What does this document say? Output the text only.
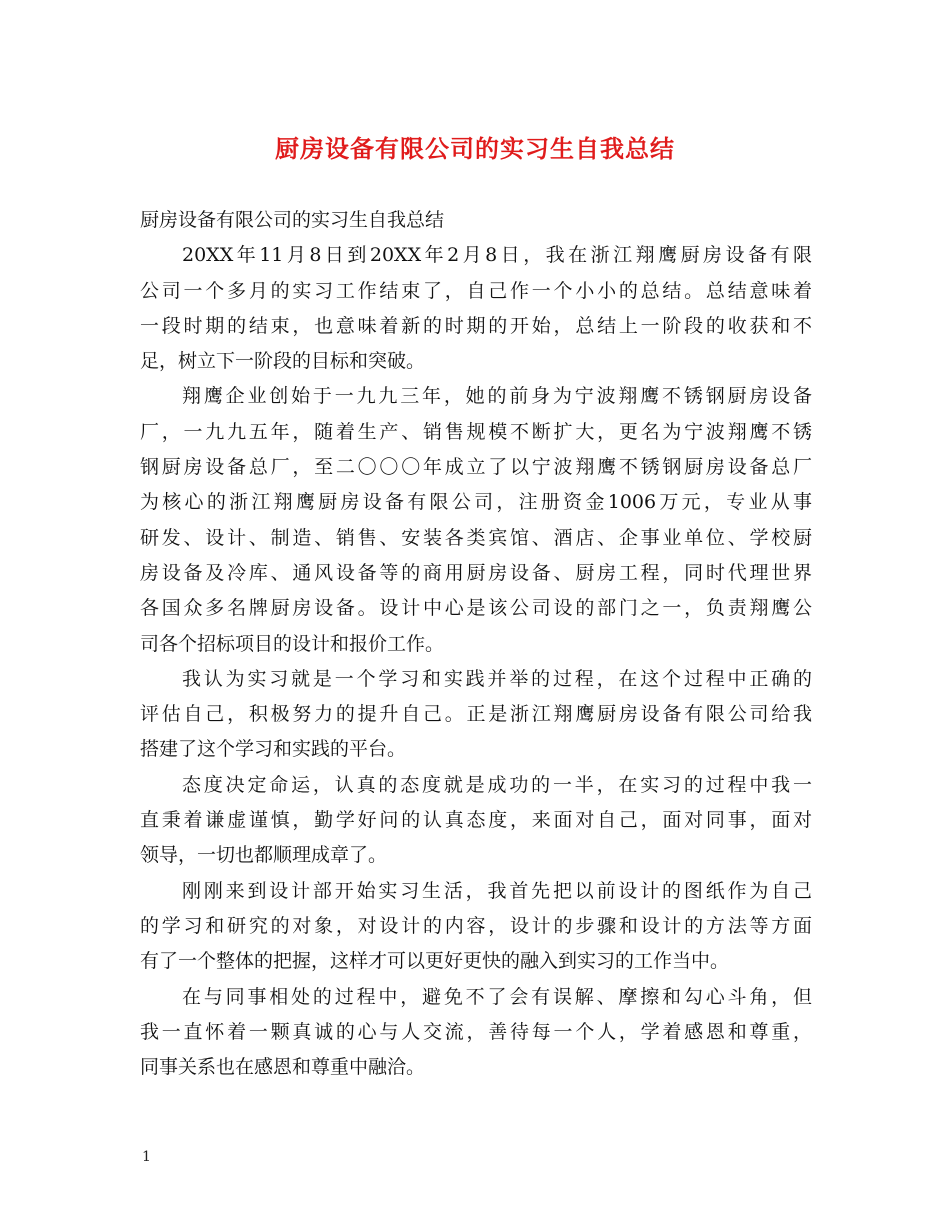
厨房设备有限公司的实习生自我总结
厨房设备有限公司的实习生自我总结
20XX年11月8日到20XX年2月8日，我在浙江翔鹰厨房设备有限
公司一个多月的实习工作结束了，自己作一个小小的总结。总结意味着
一段时期的结束，也意味着新的时期的开始，总结上一阶段的收获和不
足，树立下一阶段的目标和突破。
翔鹰企业创始于一九九三年，她的前身为宁波翔鹰不锈钢厨房设备
厂，一九九五年，随着生产、销售规模不断扩大，更名为宁波翔鹰不锈
钢厨房设备总厂，至二〇〇〇年成立了以宁波翔鹰不锈钢厨房设备总厂
为核心的浙江翔鹰厨房设备有限公司，注册资金1006万元，专业从事
研发、设计、制造、销售、安装各类宾馆、酒店、企事业单位、学校厨
房设备及冷库、通风设备等的商用厨房设备、厨房工程，同时代理世界
各国众多名牌厨房设备。设计中心是该公司设的部门之一，负责翔鹰公
司各个招标项目的设计和报价工作。
我认为实习就是一个学习和实践并举的过程，在这个过程中正确的
评估自己，积极努力的提升自己。正是浙江翔鹰厨房设备有限公司给我
搭建了这个学习和实践的平台。
态度决定命运，认真的态度就是成功的一半，在实习的过程中我一
直秉着谦虚谨慎，勤学好问的认真态度，来面对自己，面对同事，面对
领导，一切也都顺理成章了。
刚刚来到设计部开始实习生活，我首先把以前设计的图纸作为自己
的学习和研究的对象，对设计的内容，设计的步骤和设计的方法等方面
有了一个整体的把握，这样才可以更好更快的融入到实习的工作当中。
在与同事相处的过程中，避免不了会有误解、摩擦和勾心斗角，但
我一直怀着一颗真诚的心与人交流，善待每一个人，学着感恩和尊重，
同事关系也在感恩和尊重中融洽。
1
